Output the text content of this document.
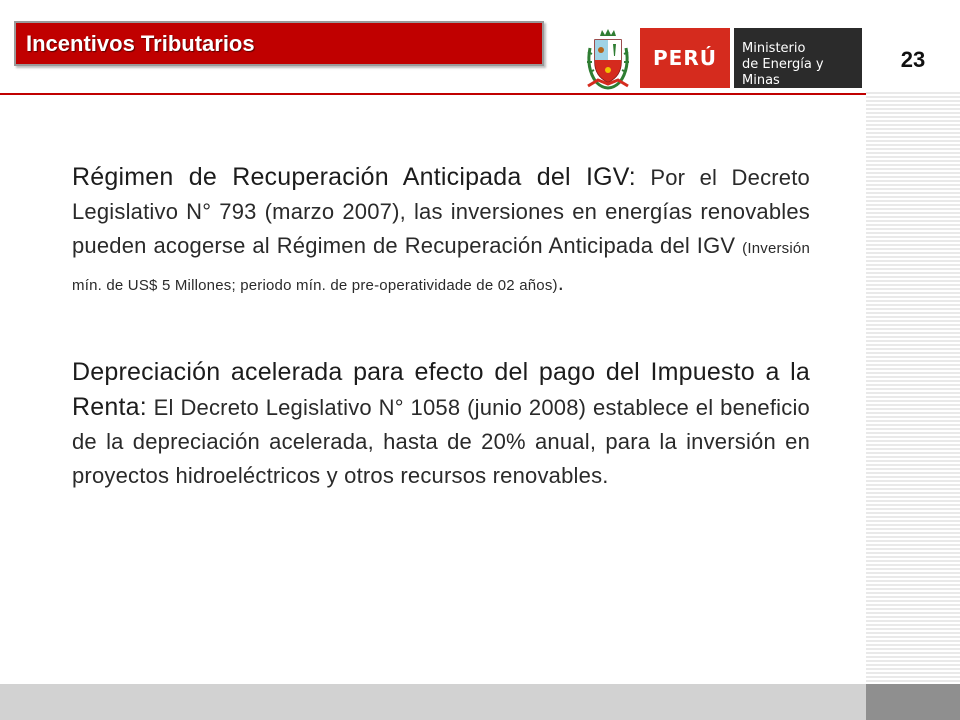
Incentivos Tributarios
PERÚ	Ministerio
de Energía y Minas
23

Régimen de Recuperación Anticipada del IGV: Por el Decreto Legislativo N° 793 (marzo 2007), las inversiones en energías renovables pueden acogerse al Régimen de Recuperación Anticipada del IGV (Inversión mín. de US$ 5 Millones; periodo mín. de pre-operatividade de 02 años).

Depreciación acelerada para efecto del pago del Impuesto a la Renta: El Decreto Legislativo N° 1058 (junio 2008) establece el beneficio de la depreciación acelerada, hasta de 20% anual, para la inversión en proyectos hidroeléctricos y otros recursos renovables.
